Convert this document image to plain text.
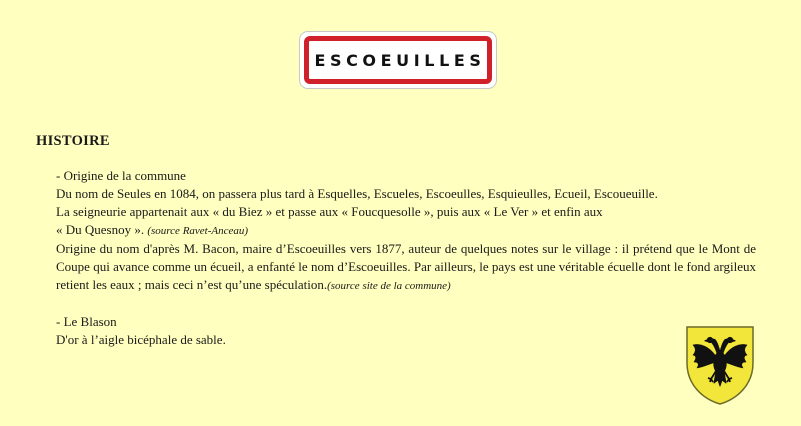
ESCOEUILLES
HISTOIRE
- Origine de la commune
Du nom de Seules en 1084, on passera plus tard à Esquelles, Escueles, Escoeulles, Esquieulles, Ecueil, Escoueuille.
La seigneurie appartenait aux « du Biez » et passe aux « Foucquesolle », puis aux « Le Ver » et enfin aux
« Du Quesnoy ». (source Ravet-Anceau)
Origine du nom d'après M. Bacon, maire d’Escoeuilles vers 1877, auteur de quelques notes sur le village : il prétend que le Mont de Coupe qui avance comme un écueil, a enfanté le nom d’Escoeuilles. Par ailleurs, le pays est une véritable écuelle dont le fond argileux retient les eaux ; mais ceci n’est qu’une spéculation.(source site de la commune)
- Le Blason
D'or à l’aigle bicéphale de sable.
